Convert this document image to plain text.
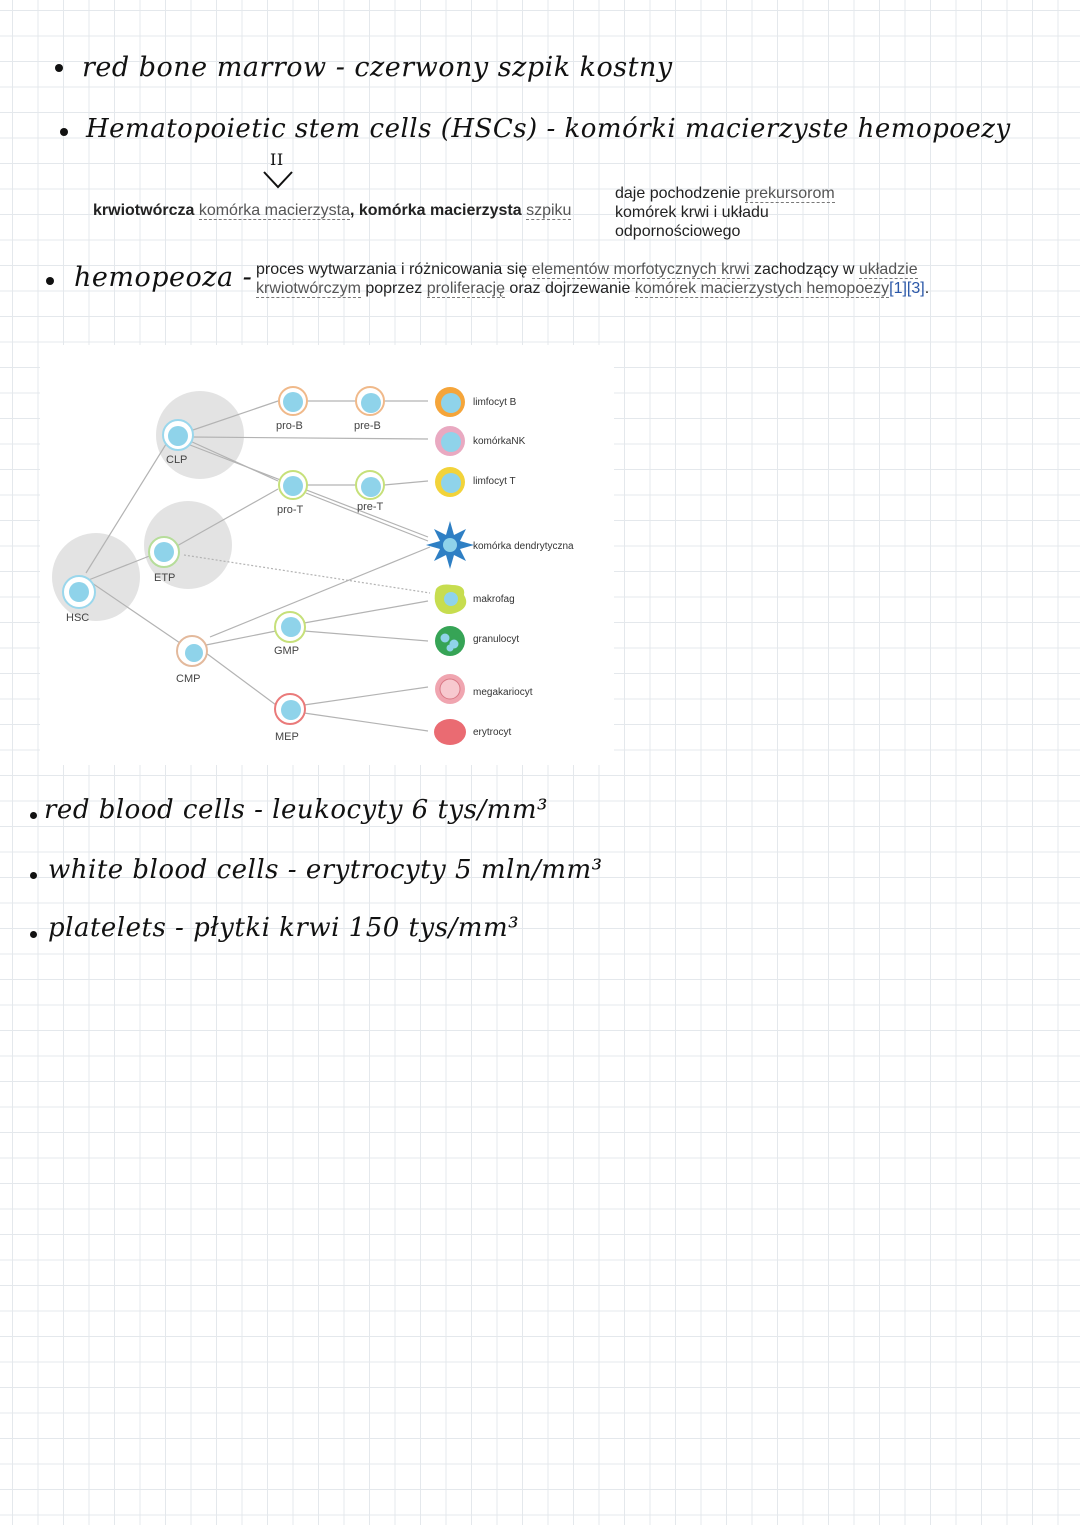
red bone marrow - czerwony szpik kostny
Hematopoietic stem cells (HSCs) - komórki macierzyste hemopoezy
II
krwiotwórcza komórka macierzysta, komórka macierzysta szpiku
daje pochodzenie prekursorom
komórek krwi i układu
odpornościowego
hemopeoza - proces wytwarzania i różnicowania się elementów morfotycznych krwi zachodzący w układzie krwiotwórczym poprzez proliferację oraz dojrzewanie komórek macierzystych hemopoezy[1][3].
HSC
CLP
ETP
CMP
pro-B	pre-B
pro-T	pre-T
GMP
MEP
limfocyt B
komórkaNK
limfocyt T
komórka dendrytyczna
makrofag
granulocyt
megakariocyt
erytrocyt
red blood cells - leukocyty 6 tys/mm³
white blood cells - erytrocyty 5 mln/mm³
platelets - płytki krwi 150 tys/mm³
